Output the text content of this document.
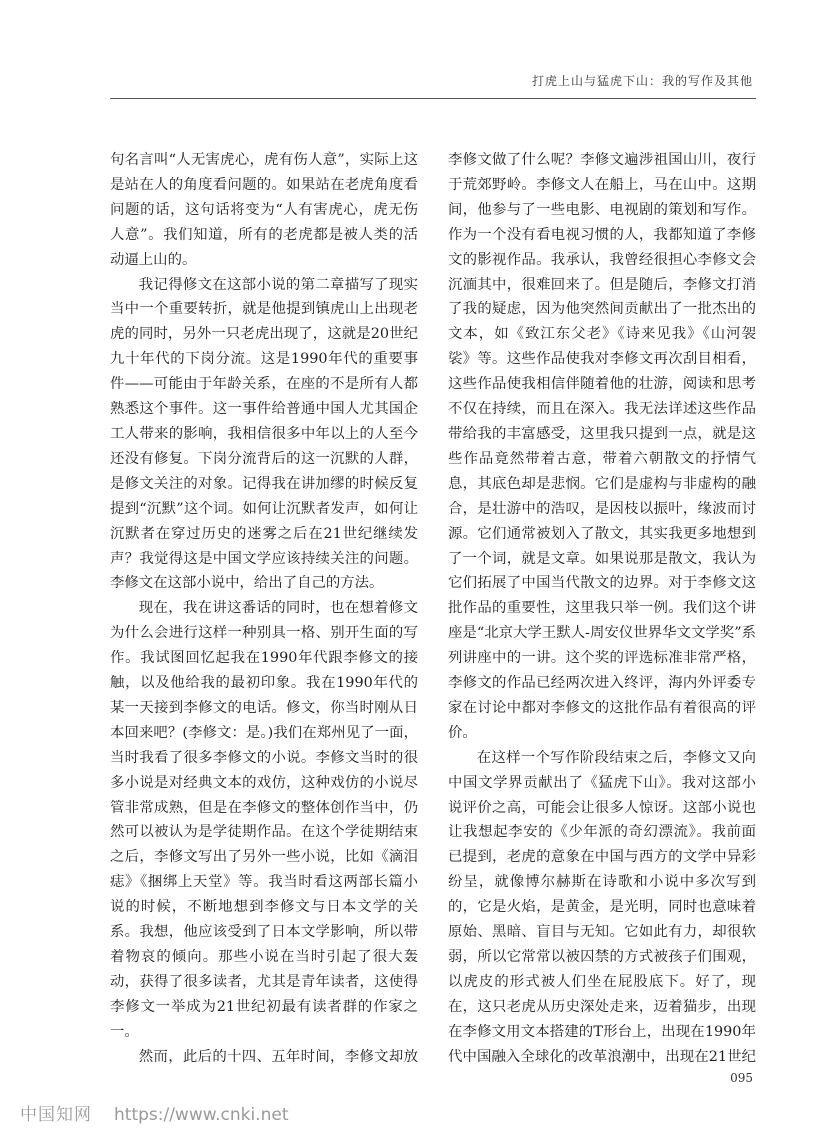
打虎上山与猛虎下山：我的写作及其他

句名言叫“人无害虎心，虎有伤人意”，实际上这是站在人的角度看问题的。如果站在老虎角度看问题的话，这句话将变为“人有害虎心，虎无伤人意”。我们知道，所有的老虎都是被人类的活动逼上山的。

我记得修文在这部小说的第二章描写了现实当中一个重要转折，就是他提到镇虎山上出现老虎的同时，另外一只老虎出现了，这就是20世纪九十年代的下岗分流。这是1990年代的重要事件——可能由于年龄关系，在座的不是所有人都熟悉这个事件。这一事件给普通中国人尤其国企工人带来的影响，我相信很多中年以上的人至今还没有修复。下岗分流背后的这一沉默的人群，是修文关注的对象。记得我在讲加缪的时候反复提到“沉默”这个词。如何让沉默者发声，如何让沉默者在穿过历史的迷雾之后在21世纪继续发声？我觉得这是中国文学应该持续关注的问题。李修文在这部小说中，给出了自己的方法。

现在，我在讲这番话的同时，也在想着修文为什么会进行这样一种别具一格、别开生面的写作。我试图回忆起我在1990年代跟李修文的接触，以及他给我的最初印象。我在1990年代的某一天接到李修文的电话。修文，你当时刚从日本回来吧？(李修文：是。)我们在郑州见了一面，当时我看了很多李修文的小说。李修文当时的很多小说是对经典文本的戏仿，这种戏仿的小说尽管非常成熟，但是在李修文的整体创作当中，仍然可以被认为是学徒期作品。在这个学徒期结束之后，李修文写出了另外一些小说，比如《滴泪痣》《捆绑上天堂》等。我当时看这两部长篇小说的时候，不断地想到李修文与日本文学的关系。我想，他应该受到了日本文学影响，所以带着物哀的倾向。那些小说在当时引起了很大轰动，获得了很多读者，尤其是青年读者，这使得李修文一举成为21世纪初最有读者群的作家之一。

然而，此后的十四、五年时间，李修文却放

李修文做了什么呢？李修文遍涉祖国山川，夜行于荒郊野岭。李修文人在船上，马在山中。这期间，他参与了一些电影、电视剧的策划和写作。作为一个没有看电视习惯的人，我都知道了李修文的影视作品。我承认，我曾经很担心李修文会沉湎其中，很难回来了。但是随后，李修文打消了我的疑虑，因为他突然间贡献出了一批杰出的文本，如《致江东父老》《诗来见我》《山河袈裟》等。这些作品使我对李修文再次刮目相看，这些作品使我相信伴随着他的壮游，阅读和思考不仅在持续，而且在深入。我无法详述这些作品带给我的丰富感受，这里我只提到一点，就是这些作品竟然带着古意，带着六朝散文的抒情气息，其底色却是悲悯。它们是虚构与非虚构的融合，是壮游中的浩叹，是因枝以振叶，缘波而讨源。它们通常被划入了散文，其实我更多地想到了一个词，就是文章。如果说那是散文，我认为它们拓展了中国当代散文的边界。对于李修文这批作品的重要性，这里我只举一例。我们这个讲座是“北京大学王默人-周安仪世界华文文学奖”系列讲座中的一讲。这个奖的评选标准非常严格，李修文的作品已经两次进入终评，海内外评委专家在讨论中都对李修文的这批作品有着很高的评价。

在这样一个写作阶段结束之后，李修文又向中国文学界贡献出了《猛虎下山》。我对这部小说评价之高，可能会让很多人惊讶。这部小说也让我想起李安的《少年派的奇幻漂流》。我前面已提到，老虎的意象在中国与西方的文学中异彩纷呈，就像博尔赫斯在诗歌和小说中多次写到的，它是火焰，是黄金，是光明，同时也意味着原始、黑暗、盲目与无知。它如此有力，却很软弱，所以它常常以被囚禁的方式被孩子们围观，以虎皮的形式被人们坐在屁股底下。好了，现在，这只老虎从历史深处走来，迈着猫步，出现在李修文用文本搭建的T形台上，出现在1990年代中国融入全球化的改革浪潮中，出现在21世纪

095
中国知网 https://www.cnki.net
